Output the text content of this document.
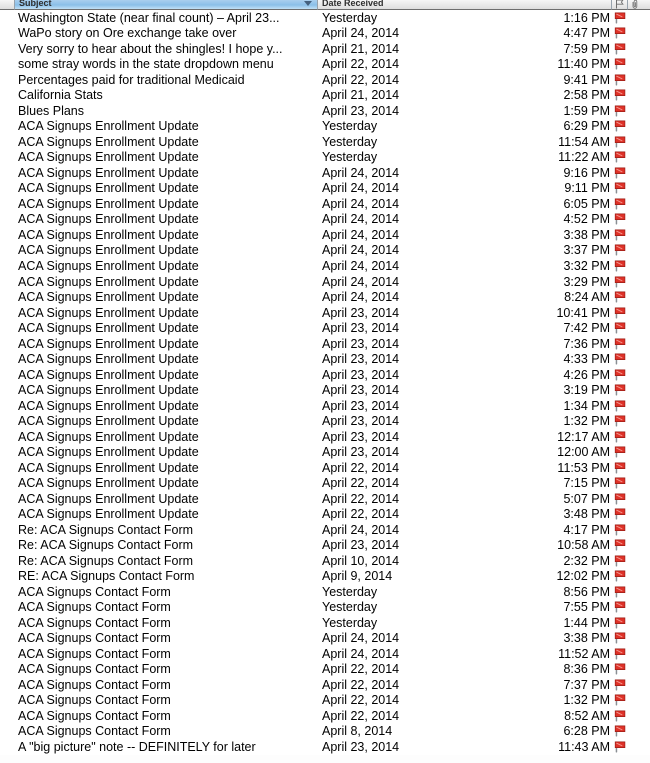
Subject	Date Received
Washington State (near final count) – April 23...	Yesterday	1:16 PM
WaPo story on Ore exchange take over	April 24, 2014	4:47 PM
Very sorry to hear about the shingles! I hope y...	April 21, 2014	7:59 PM
some stray words in the state dropdown menu	April 22, 2014	11:40 PM
Percentages paid for traditional Medicaid	April 22, 2014	9:41 PM
California Stats	April 21, 2014	2:58 PM
Blues Plans	April 23, 2014	1:59 PM
ACA Signups Enrollment Update	Yesterday	6:29 PM
ACA Signups Enrollment Update	Yesterday	11:54 AM
ACA Signups Enrollment Update	Yesterday	11:22 AM
ACA Signups Enrollment Update	April 24, 2014	9:16 PM
ACA Signups Enrollment Update	April 24, 2014	9:11 PM
ACA Signups Enrollment Update	April 24, 2014	6:05 PM
ACA Signups Enrollment Update	April 24, 2014	4:52 PM
ACA Signups Enrollment Update	April 24, 2014	3:38 PM
ACA Signups Enrollment Update	April 24, 2014	3:37 PM
ACA Signups Enrollment Update	April 24, 2014	3:32 PM
ACA Signups Enrollment Update	April 24, 2014	3:29 PM
ACA Signups Enrollment Update	April 24, 2014	8:24 AM
ACA Signups Enrollment Update	April 23, 2014	10:41 PM
ACA Signups Enrollment Update	April 23, 2014	7:42 PM
ACA Signups Enrollment Update	April 23, 2014	7:36 PM
ACA Signups Enrollment Update	April 23, 2014	4:33 PM
ACA Signups Enrollment Update	April 23, 2014	4:26 PM
ACA Signups Enrollment Update	April 23, 2014	3:19 PM
ACA Signups Enrollment Update	April 23, 2014	1:34 PM
ACA Signups Enrollment Update	April 23, 2014	1:32 PM
ACA Signups Enrollment Update	April 23, 2014	12:17 AM
ACA Signups Enrollment Update	April 23, 2014	12:00 AM
ACA Signups Enrollment Update	April 22, 2014	11:53 PM
ACA Signups Enrollment Update	April 22, 2014	7:15 PM
ACA Signups Enrollment Update	April 22, 2014	5:07 PM
ACA Signups Enrollment Update	April 22, 2014	3:48 PM
Re: ACA Signups Contact Form	April 24, 2014	4:17 PM
Re: ACA Signups Contact Form	April 23, 2014	10:58 AM
Re: ACA Signups Contact Form	April 10, 2014	2:32 PM
RE: ACA Signups Contact Form	April 9, 2014	12:02 PM
ACA Signups Contact Form	Yesterday	8:56 PM
ACA Signups Contact Form	Yesterday	7:55 PM
ACA Signups Contact Form	Yesterday	1:44 PM
ACA Signups Contact Form	April 24, 2014	3:38 PM
ACA Signups Contact Form	April 24, 2014	11:52 AM
ACA Signups Contact Form	April 22, 2014	8:36 PM
ACA Signups Contact Form	April 22, 2014	7:37 PM
ACA Signups Contact Form	April 22, 2014	1:32 PM
ACA Signups Contact Form	April 22, 2014	8:52 AM
ACA Signups Contact Form	April 8, 2014	6:28 PM
A "big picture" note -- DEFINITELY for later	April 23, 2014	11:43 AM
